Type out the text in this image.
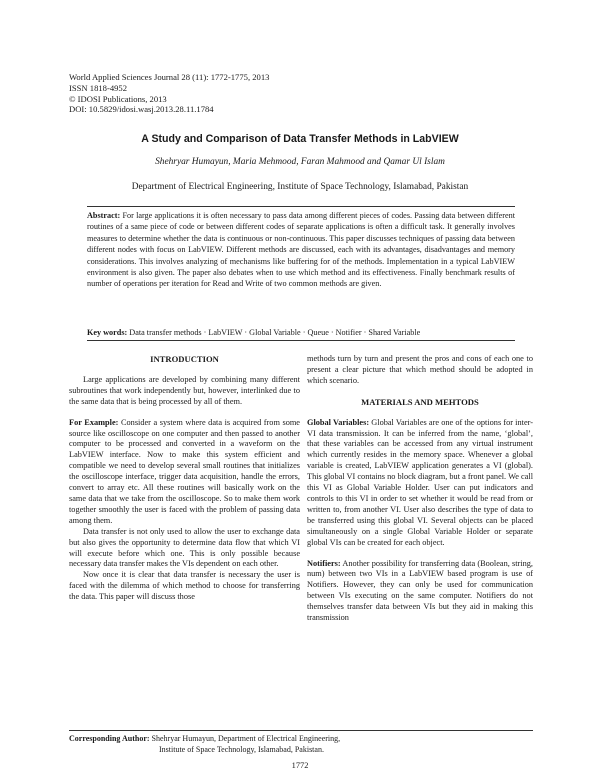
World Applied Sciences Journal 28 (11): 1772-1775, 2013
ISSN 1818-4952
© IDOSI Publications, 2013
DOI: 10.5829/idosi.wasj.2013.28.11.1784
A Study and Comparison of Data Transfer Methods in LabVIEW
Shehryar Humayun, Maria Mehmood, Faran Mahmood and Qamar Ul Islam
Department of Electrical Engineering, Institute of Space Technology, Islamabad, Pakistan
Abstract: For large applications it is often necessary to pass data among different pieces of codes. Passing data between different routines of a same piece of code or between different codes of separate applications is often a difficult task. It generally involves measures to determine whether the data is continuous or non-continuous. This paper discusses techniques of passing data between different nodes with focus on LabVIEW. Different methods are discussed, each with its advantages, disadvantages and memory considerations. This involves analyzing of mechanisms like buffering for of the methods. Implementation in a typical LabVIEW environment is also given. The paper also debates when to use which method and its effectiveness. Finally benchmark results of number of operations per iteration for Read and Write of two common methods are given.
Key words: Data transfer methods · LabVIEW · Global Variable · Queue · Notifier · Shared Variable
INTRODUCTION

Large applications are developed by combining many different subroutines that work independently but, however, interlinked due to the same data that is being processed by all of them.

For Example: Consider a system where data is acquired from some source like oscilloscope on one computer and then passed to another computer to be processed and converted in a waveform on the LabVIEW interface. Now to make this system efficient and compatible we need to develop several small routines that initializes the oscilloscope interface, trigger data acquisition, handle the errors, convert to array etc. All these routines will basically work on the same data that we take from the oscilloscope. So to make them work together smoothly the user is faced with the problem of passing data among them.

Data transfer is not only used to allow the user to exchange data but also gives the opportunity to determine data flow that which VI will execute before which one. This is only possible because necessary data transfer makes the VIs dependent on each other.

Now once it is clear that data transfer is necessary the user is faced with the dilemma of which method to choose for transferring the data. This paper will discuss those

methods turn by turn and present the pros and cons of each one to present a clear picture that which method should be adopted in which scenario.

MATERIALS AND MEHTODS

Global Variables: Global Variables are one of the options for inter-VI data transmission. It can be inferred from the name, ‘global’, that these variables can be accessed from any virtual instrument which currently resides in the memory space. Whenever a global variable is created, LabVIEW application generates a VI (global). This global VI contains no block diagram, but a front panel. We call this VI as Global Variable Holder. User can put indicators and controls to this VI in order to set whether it would be read from or written to, from another VI. User also describes the type of data to be transferred using this global VI. Several objects can be placed simultaneously on a single Global Variable Holder or separate global VIs can be created for each object.

Notifiers: Another possibility for transferring data (Boolean, string, num) between two VIs in a LabVIEW based program is use of Notifiers. However, they can only be used for communication between VIs executing on the same computer. Notifiers do not themselves transfer data between VIs but they aid in making this transmission

Corresponding Author: Shehryar Humayun, Department of Electrical Engineering,
Institute of Space Technology, Islamabad, Pakistan.
1772
